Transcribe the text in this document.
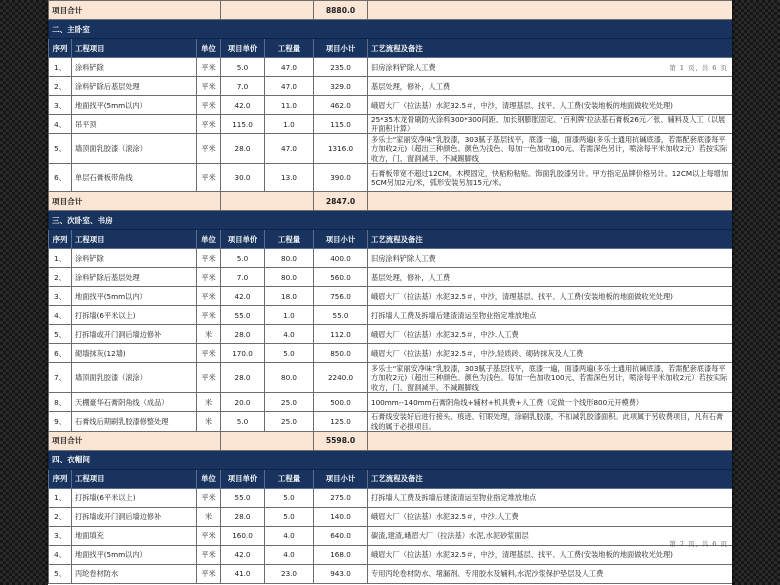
第 1 页, 共 6 页
第 2 页, 共 6 页
项目合计					8880.0	
二、主卧室						
序列	工程项目	单位	项目单价	工程量	项目小计	工艺流程及备注
1、	涂料铲除	平米	5.0	47.0	235.0	旧房涂料铲除人工费
2、	涂料铲除后基层处理	平米	7.0	47.0	329.0	基层处理，修补，人工费
3、	地面找平(5mm以内）	平米	42.0	11.0	462.0	峨眉大厂（拉法基）水泥32.5＃，中沙，清理基层、找平、人工费(安装地板的地面做收光处理)
4、	吊平顶	平米	115.0	1.0	115.0	25*35木龙骨刷防火涂料300*300间距、加长钢膨胀固定、‘百利牌’拉法基石膏板26元／张、辅料及人工（以展开面积计算）
5、	墙顶面乳胶漆（滚涂）	平米	28.0	47.0	1316.0	多乐士“家丽安净味”乳胶漆，303腻子基层找平，底漆一遍，面漆两遍(多乐士通用抗碱底漆，若需配套底漆每平方加收2元)（超出三种颜色、颜色为浅色、每加一色加收100元、若需深色另计，喷涂每平米加收2元）若按实际收方，门、窗洞减半、不减踢脚线
6、	单层石膏板带角线	平米	30.0	13.0	390.0	石膏板带宽不超过12CM。木楔固定，快粘粉粘贴。饰面乳胶漆另计。甲方指定品牌价格另计。12CM以上每增加5CM另加2元/米，弧形安装另加15元/米。
项目合计					2847.0	
三、次卧室、书房						
序列	工程项目	单位	项目单价	工程量	项目小计	工艺流程及备注
1、	涂料铲除	平米	5.0	80.0	400.0	旧房涂料铲除人工费
2、	涂料铲除后基层处理	平米	7.0	80.0	560.0	基层处理，修补，人工费
3、	地面找平(5mm以内）	平米	42.0	18.0	756.0	峨眉大厂（拉法基）水泥32.5＃，中沙，清理基层、找平、人工费(安装地板的地面做收光处理)
4、	打拆墙(6平米以上)	平米	55.0	1.0	55.0	打拆墙人工费及拆墙后建渣清运至物业指定堆放地点
5、	打拆墙或开门洞后墙边修补	米	28.0	4.0	112.0	峨眉大厂（拉法基）水泥32.5＃，中沙.人工费
6、	砌墙抹灰(12墙)	平米	170.0	5.0	850.0	峨眉大厂（拉法基）水泥32.5＃，中沙,轻质砖、砌砖抹灰及人工费
7、	墙顶面乳胶漆（滚涂）	平米	28.0	80.0	2240.0	多乐士“家丽安净味”乳胶漆，303腻子基层找平，底漆一遍，面漆两遍(多乐士通用抗碱底漆，若需配套底漆每平方加收2元)（超出三种颜色、颜色为浅色、每加一色加收100元、若需深色另计，喷涂每平米加收2元）若按实际收方，门、窗洞减半、不减踢脚线
8、	天棚豪华石膏阴角线（成品）	米	20.0	25.0	500.0	100mm--140mm石膏阴角线+辅材+机具费+人工费（定做一个线形800元开模费）
9、	石膏线后期刷乳胶漆修整处理	米	5.0	25.0	125.0	石膏线安装好后进行接头、痕迹、钉眼处理，涂刷乳胶漆，不扣减乳胶漆面积。此项属于另收费项目，凡有石膏线的属于必报项目。
项目合计					5598.0	
四、衣帽间						
序列	工程项目	单位	项目单价	工程量	项目小计	工艺流程及备注
1、	打拆墙(6平米以上)	平米	55.0	5.0	275.0	打拆墙人工费及拆墙后建渣清运至物业指定堆放地点
2、	打拆墙或开门洞后墙边修补	米	28.0	5.0	140.0	峨眉大厂（拉法基）水泥32.5＃，中沙.人工费
3、	地面填充	平米	160.0	4.0	640.0	碳渣,建渣,峨眉大厂（拉法基）水泥,水泥砂浆面层
4、	地面找平(5mm以内）	平米	42.0	4.0	168.0	峨眉大厂（拉法基）水泥32.5＃，中沙，清理基层、找平、人工费(安装地板的地面做收光处理)
5、	丙纶卷材防水	平米	41.0	23.0	943.0	专用丙纶卷材防水、堵漏剂、专用胶水及辅料,水泥沙浆保护垫层及人工费
